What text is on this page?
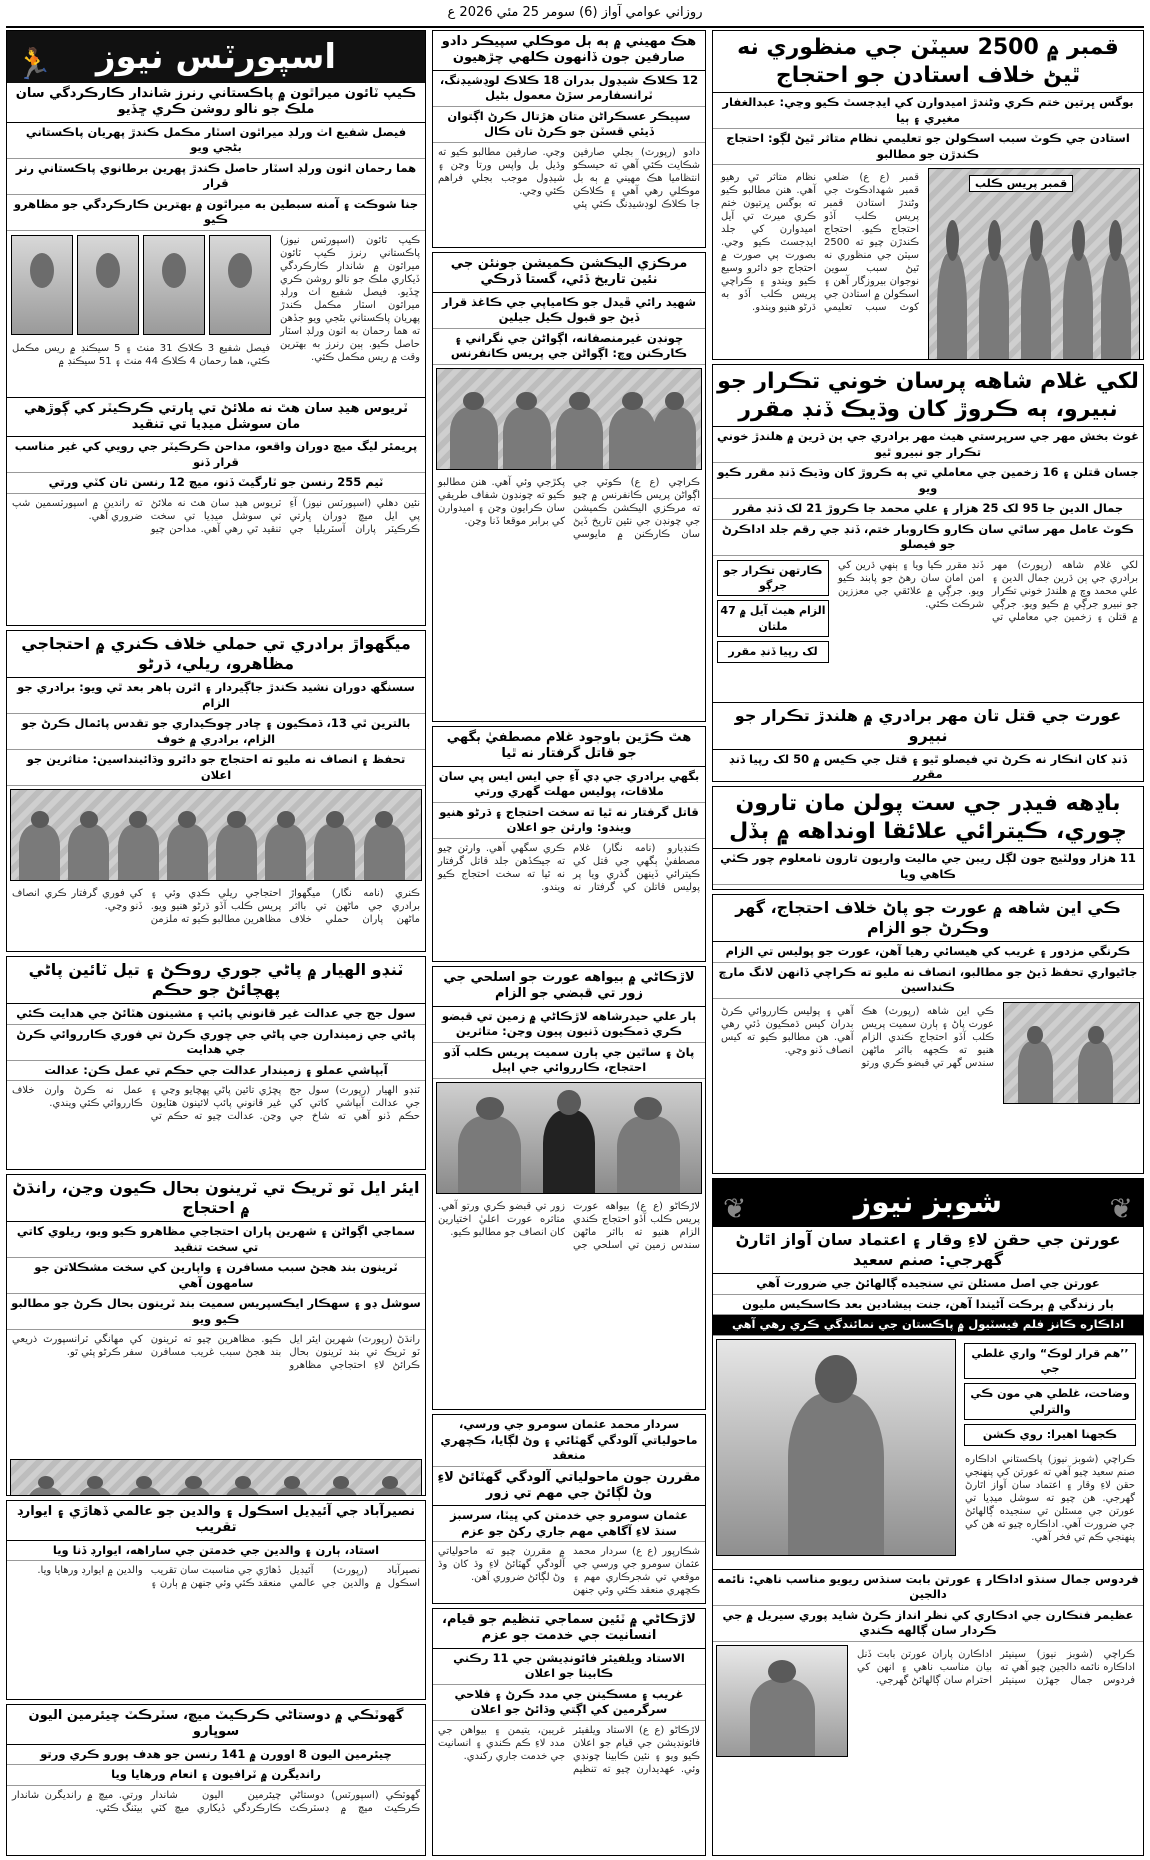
روزاني عوامي آواز (6) سومر 25 مئي 2026 ع
قمبر ۾ 2500 سيٽن جي منظوري نه ٿيڻ خلاف استادن جو احتجاج
بوگس ڀرتين ختم ڪري وڻندڙ اميدوارن کي ايڊجسٽ ڪيو وڃي: عبدالغفار مغيري ۽ ٻيا
استادن جي ڪوٽ سبب اسڪولن جو تعليمي نظام متاثر ٿيڻ لڳو: احتجاج ڪندڙن جو مطالبو
قمبر پريس ڪلب
قمبر (ع ع) ضلعي قمبر شهدادڪوٽ جي وڻندڙ استادن قمبر پريس ڪلب آڏو احتجاج ڪيو. احتجاج ڪندڙن چيو ته 2500 سيٽن جي منظوري نه ٿيڻ سبب سوين نوجوان بيروزگار آهن ۽ اسڪولن ۾ استادن جي کوٽ سبب تعليمي نظام متاثر ٿي رهيو آهي. هنن مطالبو ڪيو ته بوگس ڀرتيون ختم ڪري ميرٽ تي آيل اميدوارن کي جلد ايڊجسٽ ڪيو وڃي. بصورت ٻي صورت ۾ احتجاج جو دائرو وسيع ڪيو ويندو ۽ ڪراچي پريس ڪلب آڏو به ڌرڻو هنيو ويندو.
لکي غلام شاهه پرسان خوني تڪرار جو نبيرو، ٻه ڪروڙ کان وڌيڪ ڏنڊ مقرر
غوث بخش مهر جي سرپرستي هيٺ مهر برادري جي ٻن ڌرين ۾ هلندڙ خوني تڪرار جو نبيرو ٿيو
جسان قتلن ۽ 16 زخمين جي معاملي تي ٻه ڪروڙ کان وڌيڪ ڏنڊ مقرر ڪيو ويو
جمال الدين جا 95 لک 25 هزار ۽ علي محمد جا ڪروڙ 21 لک ڏنڊ مقرر
ڪوٽ عامل مهر ساٿي سان ڪارو ڪاروبار ختم، ڏنڊ جي رقم جلد اداڪرڻ جو فيصلو
لکي غلام شاهه (رپورٽ) مهر برادري جي ٻن ڌرين جمال الدين ۽ علي محمد وچ ۾ هلندڙ خوني تڪرار جو نبيرو جرڳي ۾ ڪيو ويو. جرڳي ۾ قتلن ۽ زخمين جي معاملي تي ڏنڊ مقرر ڪيا ويا ۽ ٻنهي ڌرين کي امن امان سان رهڻ جو پابند ڪيو ويو. جرڳي ۾ علائقي جي معززين شرڪت ڪئي.
ڪارتهن تڪرار جو جرڳو
الزام هيٺ آيل ۾ 47 ملتان
لک رپيا ڏنڊ مقرر
عورت جي قتل تان مهر برادري ۾ هلندڙ تڪرار جو نبيرو
ڏنڊ کان انڪار نه ڪرڻ تي فيصلو ٿيو ۽ قتل جي ڪيس ۾ 50 لک رپيا ڏنڊ مقرر
باڍهه فيڊر جي ست پولن مان تارون چوري، ڪيترائي علائقا اونداهه ۾ ٻڏل
11 هزار وولٽيج جون لڳل ريبن جي ماليت واريون تارون نامعلوم چور ڪٽي ڪاهي ويا
ڪي اين شاهه ۾ عورت جو پاڻ خلاف احتجاج، گهر وڪرڻ جو الزام
ڪرنگي مزدور ۽ غريب کي هيسائي رهيا آهن، عورت جو پوليس تي الزام
جاڻيواري تحفظ ڏيڻ جو مطالبو، انصاف نه مليو ته ڪراچي ڏانهن لانگ مارچ ڪنداسين
ڪي اين شاهه (رپورٽ) هڪ عورت پاڻ ۽ ٻارن سميت پريس ڪلب آڏو احتجاج ڪندي الزام هنيو ته ڪجهه بااثر ماڻهن سندس گهر تي قبضو ڪري ورتو آهي ۽ پوليس ڪارروائي ڪرڻ بدران کيس ڌمڪيون ڏئي رهي آهي. هن مطالبو ڪيو ته کيس انصاف ڏنو وڃي.
❦
شوبز نيوز
❦
عورتن جي حقن لاءِ وقار ۽ اعتماد سان آواز اٿارڻ گهرجي: صنم سعيد
عورتن جي اصل مسئلن تي سنجيده ڳالهائڻ جي ضرورت آهي
ٻار زندگي ۾ ٻرڪت آڻيندا آهن، جنت ٻيشادين بعد ڪاسڪيس مليون
اداڪاره ڪانز فلم فيسٽيول ۾ پاڪستان جي نمائندگي ڪري رهي آهي
’’هم قرار لوڪ“ واري غلطي جي
وضاحت، غلطي هي مون ڪي والترلي
ڪجهنا اهيرا: روي ڪشن
ڪراچي (شوبز نيوز) پاڪستاني اداڪاره صنم سعيد چيو آهي ته عورتن کي پنهنجي حقن لاءِ وقار ۽ اعتماد سان آواز اٿارڻ گهرجي. هن چيو ته سوشل ميڊيا تي عورتن جي مسئلن تي سنجيده ڳالهائڻ جي ضرورت آهي. اداڪاره چيو ته هن کي پنهنجي ڪم تي فخر آهي.
فردوس جمال سنڌو اداڪار ۽ عورتن بابت سنڌس ريويو مناسب ناهي: نائمه دالجين
عظيمر فنڪارن جي ادڪاري کي نظر انداز ڪرڻ شايد پوري سيريل ۾ جي ڪردار سان ڳالهه ڪندي
ڪراچي (شوبز نيوز) سينيئر اداڪاره نائمه دالجين چيو آهي ته فردوس جمال جهڙن سينيئر اداڪارن پاران عورتن بابت ڏنل بيان مناسب ناهي ۽ انهن کي احترام سان ڳالهائڻ گهرجي.
هڪ مهيني ۾ ٻه ٻل موڪلي سپيڪر دادو صارفين جون ڏانهون ڪلهي چڙهيون
12 ڪلاڪ شيڊول بدران 18 ڪلاڪ لوڊشيڊنگ، ٽرانسفارمر سڙڻ معمول بڻيل
سپيڪر عسڪراڻن متان هڙتال ڪرڻ اڳتوان ڏيئي قسٽن جو ڪرڻ تان ڪال
دادو (رپورٽ) بجلي صارفين شڪايت ڪئي آهي ته حيسڪو انتظاميا هڪ مهيني ۾ ٻه بل موڪلي رهي آهي ۽ ڪلاڪن جا ڪلاڪ لوڊشيڊنگ ڪئي پئي وڃي. صارفين مطالبو ڪيو ته وڌيل بل واپس ورتا وڃن ۽ شيڊول موجب بجلي فراهم ڪئي وڃي.
مرڪزي اليڪشن ڪميشن جونئن جي نئين تاريخ ڏئي، گستا ڏرڪي
شهيد رائي ڦيدل جو ڪامياپي جي ڪاغذ قرار ڏيڻ جو قبول ڪيل جيلين
چونڊن غيرمنصفانه، اڳواڻن جي نگراني ۽ ڪارڪنن وچ: اڳواڻن جي پريس ڪانفرنس
ڪراچي (ع ع) ڪوٽي جي اڳواڻن پريس ڪانفرنس ۾ چيو ته مرڪزي اليڪشن ڪميشن جي چونڊن جي نئين تاريخ ڏيڻ سان ڪارڪنن ۾ مايوسي پکڙجي وئي آهي. هنن مطالبو ڪيو ته چونڊون شفاف طريقي سان ڪرايون وڃن ۽ اميدوارن کي برابر موقعا ڏنا وڃن.
هٿ ڪڙين باوجود غلام مصطفيٰ ٻگهي جو قاتل گرفتار نه ٿيا
بگهي برادري جي ڊي آءِ جي ايس ايس پي سان ملاقات، پوليس مهلت گهري ورتي
قاتل گرفتار نه ٿيا ته سخت احتجاج ۽ ڌرڻو هنيو ويندو: وارثن جو اعلان
ڪنڊيارو (نامه نگار) غلام مصطفيٰ ٻگهي جي قتل کي ڪيترائي ڏينهن گذري ويا پر پوليس قاتلن کي گرفتار نه ڪري سگهي آهي. وارثن چيو ته جيڪڏهن جلد قاتل گرفتار نه ٿيا ته سخت احتجاج ڪيو ويندو.
لاڙڪاڻي ۾ بيواهه عورت جو اسلحي جي زور تي قبضي جو الزام
ٻار علي حيدرشاهه لاڙڪاڻي ۾ زمين تي قبضو ڪري ڌمڪيون ڏنيون پيون وڃن: متاثرين
پاڻ ۽ ساٿين جي ٻارن سميت پريس ڪلب آڏو احتجاج، ڪارروائي جي اپيل
لاڙڪاڻو (ع ع) بيواهه عورت پريس ڪلب آڏو احتجاج ڪندي الزام هنيو ته بااثر ماڻهن سندس زمين تي اسلحي جي زور تي قبضو ڪري ورتو آهي. متاثره عورت اعليٰ اختيارين کان انصاف جو مطالبو ڪيو.
سردار محمد عثمان سومرو جي ورسي، ماحولياتي آلودگي گهٽائي ۽ وڻ لڳايا، ڪچهري منعقد
مقررن جون ماحولياتي آلودگي گهٽائڻ لاءِ وڻ لڳائڻ جي مهم تي زور
عثمان سومرو جي خدمتن کي ڀيٽا، سرسبز سنڌ لاءِ آگاهي مهم جاري رکڻ جو عزم
شڪارپور (ع ع) سردار محمد عثمان سومرو جي ورسي جي موقعي تي شجرڪاري مهم ۽ ڪچهري منعقد ڪئي وئي جنهن ۾ مقررن چيو ته ماحولياتي آلودگي گهٽائڻ لاءِ وڌ کان وڌ وڻ لڳائڻ ضروري آهن.
لاڙڪاڻي ۾ ٽئين سماجي تنظيم جو قيام، انسانيت جي خدمت جو عزم
الاستاد ويلفيئر فائونڊيشن جي 11 رڪني ڪابينا جو اعلان
غريب ۽ مسڪينن جي مدد ڪرڻ ۽ فلاحي سرگرمين کي اڳتي وڌائڻ جو اعلان
لاڙڪاڻو (ع ع) الاستاد ويلفيئر فائونڊيشن جي قيام جو اعلان ڪيو ويو ۽ نئين ڪابينا چونڊي وئي. عهديدارن چيو ته تنظيم غريبن، يتيمن ۽ بيواهن جي مدد لاءِ ڪم ڪندي ۽ انسانيت جي خدمت جاري رکندي.
اسپورٽس نيوز
🏃
ڪيپ ٽائون ميراٿون ۾ پاڪستاني رنرز شاندار ڪارڪردگي سان ملڪ جو نالو روشن ڪري ڇڏيو
فيصل شفيع اٺ ورلڊ ميراٿون اسٽار مڪمل ڪندڙ پهريان پاڪستاني بڻجي ويو
هما رحمان اٺون ورلڊ اسٽار حاصل ڪندڙ پهرين برطانوي پاڪستاني رنر قرار
جنا شوڪت ۽ آمنه سبطين به ميراٿون ۾ بهترين ڪارڪردگي جو مظاهرو ڪيو
ڪيپ ٽائون (اسپورٽس نيوز) پاڪستاني رنرز ڪيپ ٽائون ميراٿون ۾ شاندار ڪارڪردگي ڏيکاري ملڪ جو نالو روشن ڪري ڇڏيو. فيصل شفيع اٺ ورلڊ ميراٿون اسٽار مڪمل ڪندڙ پهريان پاڪستاني بڻجي ويو جڏهن ته هما رحمان به اٺون ورلڊ اسٽار حاصل ڪيو. ٻين رنرز به بهترين وقت ۾ ريس مڪمل ڪئي.
فيصل شفيع 3 ڪلاڪ 31 منٽ ۽ 5 سيڪنڊ ۾ ريس مڪمل ڪئي، هما رحمان 4 ڪلاڪ 44 منٽ ۽ 51 سيڪنڊ ۾
ٽريوس هيڊ سان هٿ نه ملائڻ تي ڀارتي ڪرڪيٽر کي ڳوڙهي مان سوشل ميڊيا تي تنقيد
پريمئر ليگ ميچ دوران واقعو، مداحن ڪرڪيٽر جي رويي کي غير مناسب قرار ڏنو
ٽيم 255 رنسن جو ٽارگيٽ ڏنو، ميچ 12 رنسن تان کٽي ورتي
نئين دهلي (اسپورٽس نيوز) آءِ پي ايل ميچ دوران ڀارتي ڪرڪيٽر پاران آسٽريليا جي ٽريوس هيڊ سان هٿ نه ملائڻ تي سوشل ميڊيا تي سخت تنقيد ٿي رهي آهي. مداحن چيو ته راندين ۾ اسپورٽسمين شپ ضروري آهي.
ميگهواڙ برادري تي حملي خلاف ڪنري ۾ احتجاجي مظاهرو، ريلي، ڌرڻو
سسنگھ دوران نشيد ڪندڙ جاڳيردار ۽ اٿرن ٻاهر بعد ٿي ويو: برادري جو الزام
بالترين ٿي 13، ڌمڪيون ۽ چادر چوڪيداري جو تقدس پائمال ڪرڻ جو الزام، برادري ۾ خوف
تحفظ ۽ انصاف نه مليو ته احتجاج جو دائرو وڌائينداسين: متاثرين جو اعلان
ڪنري (نامه نگار) ميگهواڙ برادري جي ماڻهن تي بااثر ماڻهن پاران حملي خلاف احتجاجي ريلي ڪڍي وئي ۽ پريس ڪلب آڏو ڌرڻو هنيو ويو. مظاهرين مطالبو ڪيو ته ملزمن کي فوري گرفتار ڪري انصاف ڏنو وڃي.
ٽنڊو الهيار ۾ پاڻي جوري روڪڻ ۽ تيل ٽائين پاڻي پهچائڻ جو حڪم
سول جج جي عدالت غير قانوني پائپ ۽ مشينون هٽائڻ جي هدايت ڪئي
پاڻي جي زميندارن جي پاڻي جي چوري ڪرڻ تي فوري ڪارروائي ڪرڻ جي هدايت
آبپاشي عملو ۽ زميندار عدالت جي حڪم تي عمل ڪن: عدالت
ٽنڊو الهيار (رپورٽ) سول جج جي عدالت آبپاشي کاتي کي حڪم ڏنو آهي ته شاخ جي پڇڙي تائين پاڻي پهچايو وڃي ۽ غير قانوني پائپ لائينون هٽايون وڃن. عدالت چيو ته حڪم تي عمل نه ڪرڻ وارن خلاف ڪارروائي ڪئي ويندي.
ايئر ايل ٽو ٽريڪ تي ٽرينون بحال ڪيون وڃن، رانڌڻ ۾ احتجاج
سماجي اڳواڻن ۽ شهرين پاران احتجاجي مظاهرو ڪيو ويو، ريلوي کاتي تي سخت تنقيد
ٽرينون بند هجڻ سبب مسافرن ۽ واپارين کي سخت مشڪلاتن جو سامهون آهي
سوشل ڊو ۽ سهڪار ايڪسپريس سميت بند ٽرينون بحال ڪرڻ جو مطالبو ڪيو ويو
رانڌڻ (رپورٽ) شهرين ايئر ايل ٽو ٽريڪ تي بند ٽرينون بحال ڪرائڻ لاءِ احتجاجي مظاهرو ڪيو. مظاهرين چيو ته ٽرينون بند هجڻ سبب غريب مسافرن کي مهانگي ٽرانسپورٽ ذريعي سفر ڪرڻو پئي ٿو.
نصيرآباد جي آئيڊيل اسڪول ۽ والدين جو عالمي ڏهاڙي ۽ ايوارڊ تقريب
استاد، ٻارن ۽ والدين جي خدمتن جي ساراهه، ايوارڊ ڏنا ويا
نصيرآباد (رپورٽ) آئيڊيل اسڪول ۾ والدين جي عالمي ڏهاڙي جي مناسبت سان تقريب منعقد ڪئي وئي جنهن ۾ ٻارن ۽ والدين ۾ ايوارڊ ورهايا ويا.
گهوٽڪي ۾ دوستاڻي ڪرڪيٽ ميچ، سٽرڪٽ چيئرمين اليون سوڀارو
چيئرمين اليون 8 اوورن ۾ 141 رنسن جو هدف پورو ڪري ورتو
رانديگرن ۾ ٽرافيون ۽ انعام ورهايا ويا
گهوٽڪي (اسپورٽس) دوستاڻي ڪرڪيٽ ميچ ۾ ڊسٽرڪٽ چيئرمين اليون شاندار ڪارڪردگي ڏيکاري ميچ کٽي ورتي. ميچ ۾ رانديگرن شاندار بيٽنگ ڪئي.
